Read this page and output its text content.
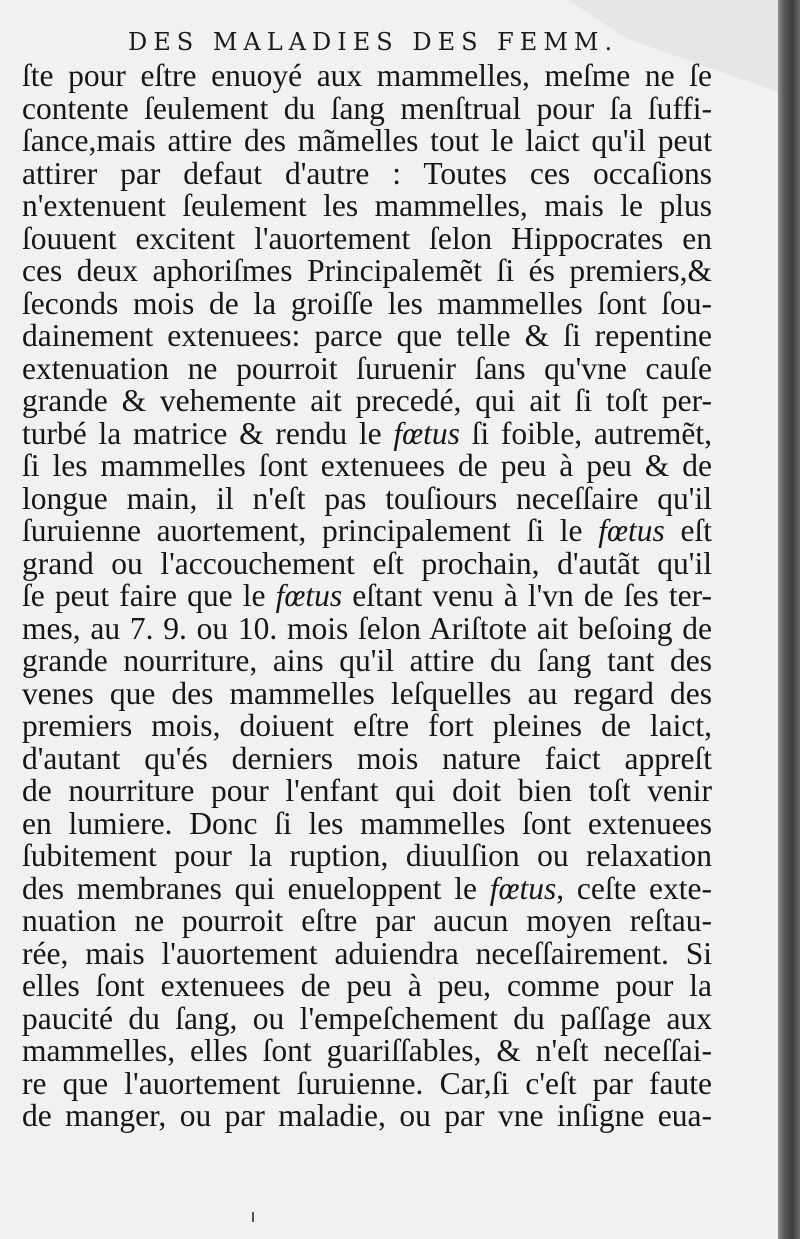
DES MALADIES DES FEMM.
ſte pour eſtre enuoyé aux mammelles, meſme ne ſe
contente ſeulement du ſang menſtrual pour ſa ſuffi-
ſance,mais attire des mãmelles tout le laict qu'il peut
attirer par defaut d'autre : Toutes ces occaſions
n'extenuent ſeulement les mammelles, mais le plus
ſouuent excitent l'auortement ſelon Hippocrates en
ces deux aphoriſmes Principalemẽt ſi és premiers,&
ſeconds mois de la groiſſe les mammelles ſont ſou-
dainement extenuees: parce que telle & ſi repentine
extenuation ne pourroit ſuruenir ſans qu'vne cauſe
grande & vehemente ait precedé, qui ait ſi toſt per-
turbé la matrice & rendu le fœtus ſi foible, autremẽt,
ſi les mammelles ſont extenuees de peu à peu & de
longue main, il n'eſt pas touſiours neceſſaire qu'il
ſuruienne auortement, principalement ſi le fœtus eſt
grand ou l'accouchement eſt prochain, d'autãt qu'il
ſe peut faire que le fœtus eſtant venu à l'vn de ſes ter-
mes, au 7. 9. ou 10. mois ſelon Ariſtote ait beſoing de
grande nourriture, ains qu'il attire du ſang tant des
venes que des mammelles leſquelles au regard des
premiers mois, doiuent eſtre fort pleines de laict,
d'autant qu'és derniers mois nature faict appreſt
de nourriture pour l'enfant qui doit bien toſt venir
en lumiere. Donc ſi les mammelles ſont extenuees
ſubitement pour la ruption, diuulſion ou relaxation
des membranes qui enueloppent le fœtus, ceſte exte-
nuation ne pourroit eſtre par aucun moyen reſtau-
rée, mais l'auortement aduiendra neceſſairement. Si
elles ſont extenuees de peu à peu, comme pour la
paucité du ſang, ou l'empeſchement du paſſage aux
mammelles, elles ſont guariſſables, & n'eſt neceſſai-
re que l'auortement ſuruienne. Car,ſi c'eſt par faute
de manger, ou par maladie, ou par vne inſigne eua-
